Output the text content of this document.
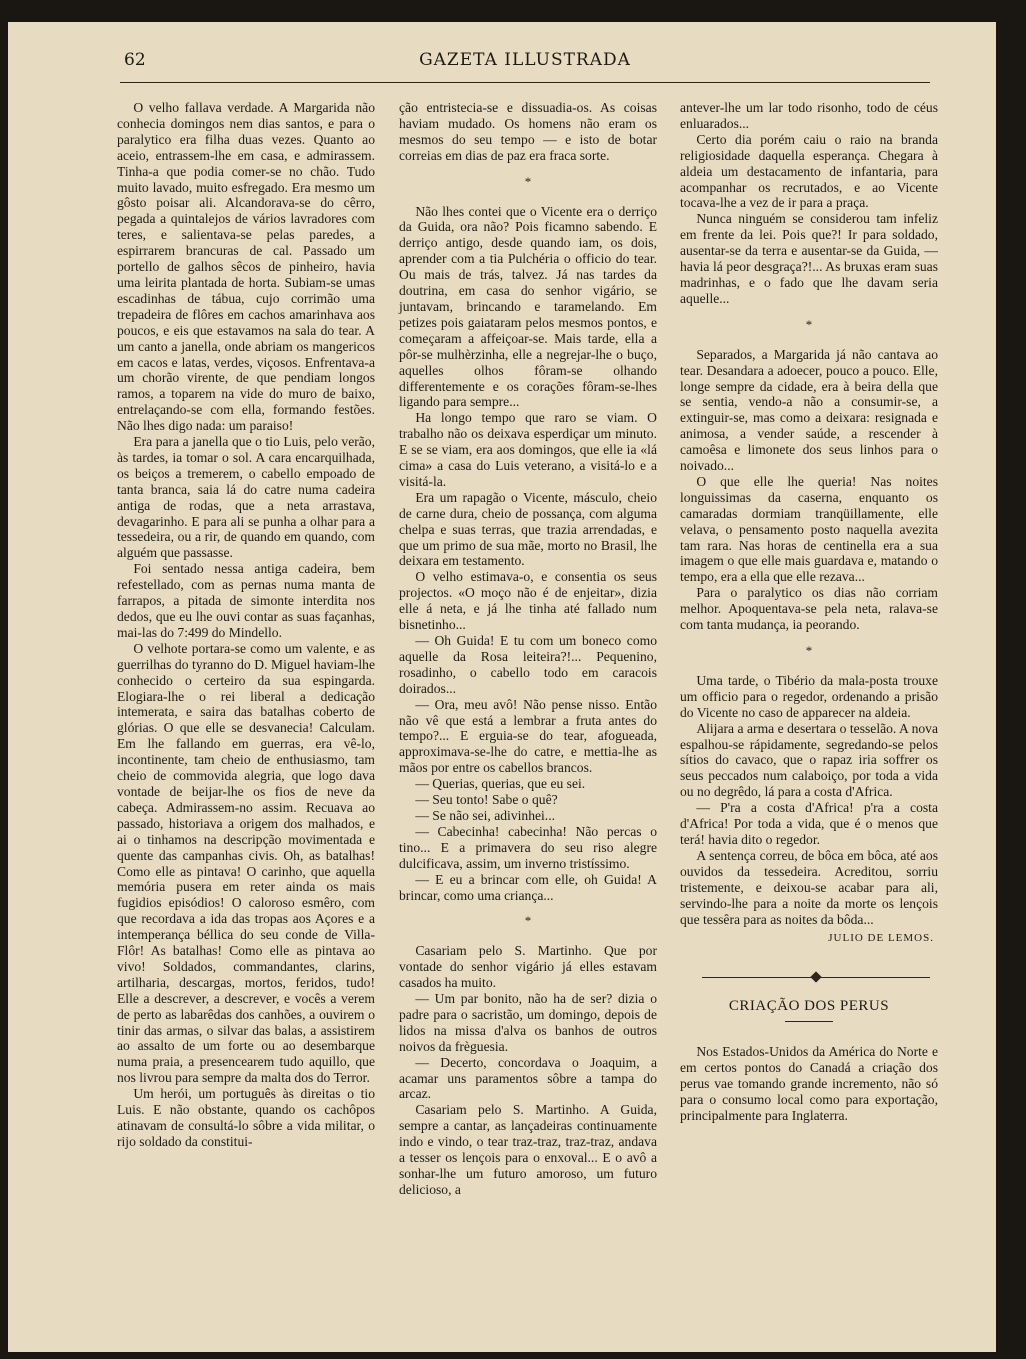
62	GAZETA ILLUSTRADA

O velho fallava verdade. A Margarida não conhecia domingos nem dias santos, e para o paralytico era filha duas vezes. Quanto ao aceio, entrassem-lhe em casa, e admirassem. Tinha-a que podia comer-se no chão. Tudo muito lavado, muito esfregado. Era mesmo um gôsto poisar ali. Alcandorava-se do cêrro, pegada a quintalejos de vários lavradores com teres, e salientava-se pelas paredes, a espirrarem brancuras de cal. Passado um portello de galhos sêcos de pinheiro, havia uma leirita plantada de horta. Subiam-se umas escadinhas de tábua, cujo corrimão uma trepadeira de flôres em cachos amarinhava aos poucos, e eis que estavamos na sala do tear. A um canto a janella, onde abriam os mangericos em cacos e latas, verdes, viçosos. Enfrentava-a um chorão virente, de que pendiam longos ramos, a toparem na vide do muro de baixo, entrelaçando-se com ella, formando festões. Não lhes digo nada: um paraiso!

Era para a janella que o tio Luis, pelo verão, às tardes, ia tomar o sol. A cara encarquilhada, os beiços a tremerem, o cabello empoado de tanta branca, saia lá do catre numa cadeira antiga de rodas, que a neta arrastava, devagarinho. E para ali se punha a olhar para a tessedeira, ou a rir, de quando em quando, com alguém que passasse.

Foi sentado nessa antiga cadeira, bem refestellado, com as pernas numa manta de farrapos, a pitada de simonte interdita nos dedos, que eu lhe ouvi contar as suas façanhas, mai-las do 7:499 do Mindello.

O velhote portara-se como um valente, e as guerrilhas do tyranno do D. Miguel haviam-lhe conhecido o certeiro da sua espingarda. Elogiara-lhe o rei liberal a dedicação intemerata, e saira das batalhas coberto de glórias. O que elle se desvanecia! Calculam. Em lhe fallando em guerras, era vê-lo, incontinente, tam cheio de enthusiasmo, tam cheio de commovida alegria, que logo dava vontade de beijar-lhe os fios de neve da cabeça. Admirassem-no assim. Recuava ao passado, historiava a origem dos malhados, e ai o tinhamos na descripção movimentada e quente das campanhas civis. Oh, as batalhas! Como elle as pintava! O carinho, que aquella memória pusera em reter ainda os mais fugidios episódios! O caloroso esmêro, com que recordava a ida das tropas aos Açores e a intemperança béllica do seu conde de Villa-Flôr! As batalhas! Como elle as pintava ao vivo! Soldados, commandantes, clarins, artilharia, descargas, mortos, feridos, tudo! Elle a descrever, a descrever, e vocês a verem de perto as labarêdas dos canhões, a ouvirem o tinir das armas, o silvar das balas, a assistirem ao assalto de um forte ou ao desembarque numa praia, a presencearem tudo aquillo, que nos livrou para sempre da malta dos do Terror.

Um herói, um português às direitas o tio Luis. E não obstante, quando os cachôpos atinavam de consultá-lo sôbre a vida militar, o rijo soldado da constitui-

ção entristecia-se e dissuadia-os. As coisas haviam mudado. Os homens não eram os mesmos do seu tempo — e isto de botar correias em dias de paz era fraca sorte.

*

Não lhes contei que o Vicente era o derriço da Guida, ora não? Pois ficamno sabendo. E derriço antigo, desde quando iam, os dois, aprender com a tia Pulchéria o officio do tear. Ou mais de trás, talvez. Já nas tardes da doutrina, em casa do senhor vigário, se juntavam, brincando e taramelando. Em petizes pois gaiataram pelos mesmos pontos, e começaram a affeiçoar-se. Mais tarde, ella a pôr-se mulhèrzinha, elle a negrejar-lhe o buço, aquelles olhos fôram-se olhando differentemente e os corações fôram-se-lhes ligando para sempre...

Ha longo tempo que raro se viam. O trabalho não os deixava esperdiçar um minuto. E se se viam, era aos domingos, que elle ia «lá cima» a casa do Luis veterano, a visitá-lo e a visitá-la.

Era um rapagão o Vicente, másculo, cheio de carne dura, cheio de possança, com alguma chelpa e suas terras, que trazia arrendadas, e que um primo de sua mãe, morto no Brasil, lhe deixara em testamento.

O velho estimava-o, e consentia os seus projectos. «O moço não é de enjeitar», dizia elle á neta, e já lhe tinha até fallado num bisnetinho...

— Oh Guida! E tu com um boneco como aquelle da Rosa leiteira?!... Pequenino, rosadinho, o cabello todo em caracois doirados...

— Ora, meu avô! Não pense nisso. Então não vê que está a lembrar a fruta antes do tempo?... E erguia-se do tear, afogueada, approximava-se-lhe do catre, e mettia-lhe as mãos por entre os cabellos brancos.

— Querias, querias, que eu sei.

— Seu tonto! Sabe o quê?

— Se não sei, adivinhei...

— Cabecinha! cabecinha! Não percas o tino... E a primavera do seu riso alegre dulcificava, assim, um inverno tristíssimo.

— E eu a brincar com elle, oh Guida! A brincar, como uma criança...

*

Casariam pelo S. Martinho. Que por vontade do senhor vigário já elles estavam casados ha muito.

— Um par bonito, não ha de ser? dizia o padre para o sacristão, um domingo, depois de lidos na missa d'alva os banhos de outros noivos da frèguesia.

— Decerto, concordava o Joaquim, a acamar uns paramentos sôbre a tampa do arcaz.

Casariam pelo S. Martinho. A Guida, sempre a cantar, as lançadeiras continuamente indo e vindo, o tear traz-traz, traz-traz, andava a tesser os lençois para o enxoval... E o avô a sonhar-lhe um futuro amoroso, um futuro delicioso, a

antever-lhe um lar todo risonho, todo de céus enluarados...

Certo dia porém caiu o raio na branda religiosidade daquella esperança. Chegara à aldeia um destacamento de infantaria, para acompanhar os recrutados, e ao Vicente tocava-lhe a vez de ir para a praça.

Nunca ninguém se considerou tam infeliz em frente da lei. Pois que?! Ir para soldado, ausentar-se da terra e ausentar-se da Guida, — havia lá peor desgraça?!... As bruxas eram suas madrinhas, e o fado que lhe davam seria aquelle...

*

Separados, a Margarida já não cantava ao tear. Desandara a adoecer, pouco a pouco. Elle, longe sempre da cidade, era à beira della que se sentia, vendo-a não a consumir-se, a extinguir-se, mas como a deixara: resignada e animosa, a vender saúde, a rescender à camoêsa e limonete dos seus linhos para o noivado...

O que elle lhe queria! Nas noites longuissimas da caserna, enquanto os camaradas dormiam tranqüillamente, elle velava, o pensamento posto naquella avezita tam rara. Nas horas de centinella era a sua imagem o que elle mais guardava e, matando o tempo, era a ella que elle rezava...

Para o paralytico os dias não corriam melhor. Apoquentava-se pela neta, ralava-se com tanta mudança, ia peorando.

*

Uma tarde, o Tibério da mala-posta trouxe um officio para o regedor, ordenando a prisão do Vicente no caso de apparecer na aldeia.

Alijara a arma e desertara o tesselão. A nova espalhou-se rápidamente, segredando-se pelos sítios do cavaco, que o rapaz iria soffrer os seus peccados num calaboiço, por toda a vida ou no degrêdo, lá para a costa d'Africa.

— P'ra a costa d'Africa! p'ra a costa d'Africa! Por toda a vida, que é o menos que terá! havia dito o regedor.

A sentença correu, de bôca em bôca, até aos ouvidos da tessedeira. Acreditou, sorriu tristemente, e deixou-se acabar para ali, servindo-lhe para a noite da morte os lençois que tessêra para as noites da bôda...

JULIO DE LEMOS.
CRIAÇÃO DOS PERUS

Nos Estados-Unidos da América do Norte e em certos pontos do Canadá a criação dos perus vae tomando grande incremento, não só para o consumo local como para exportação, principalmente para Inglaterra.
